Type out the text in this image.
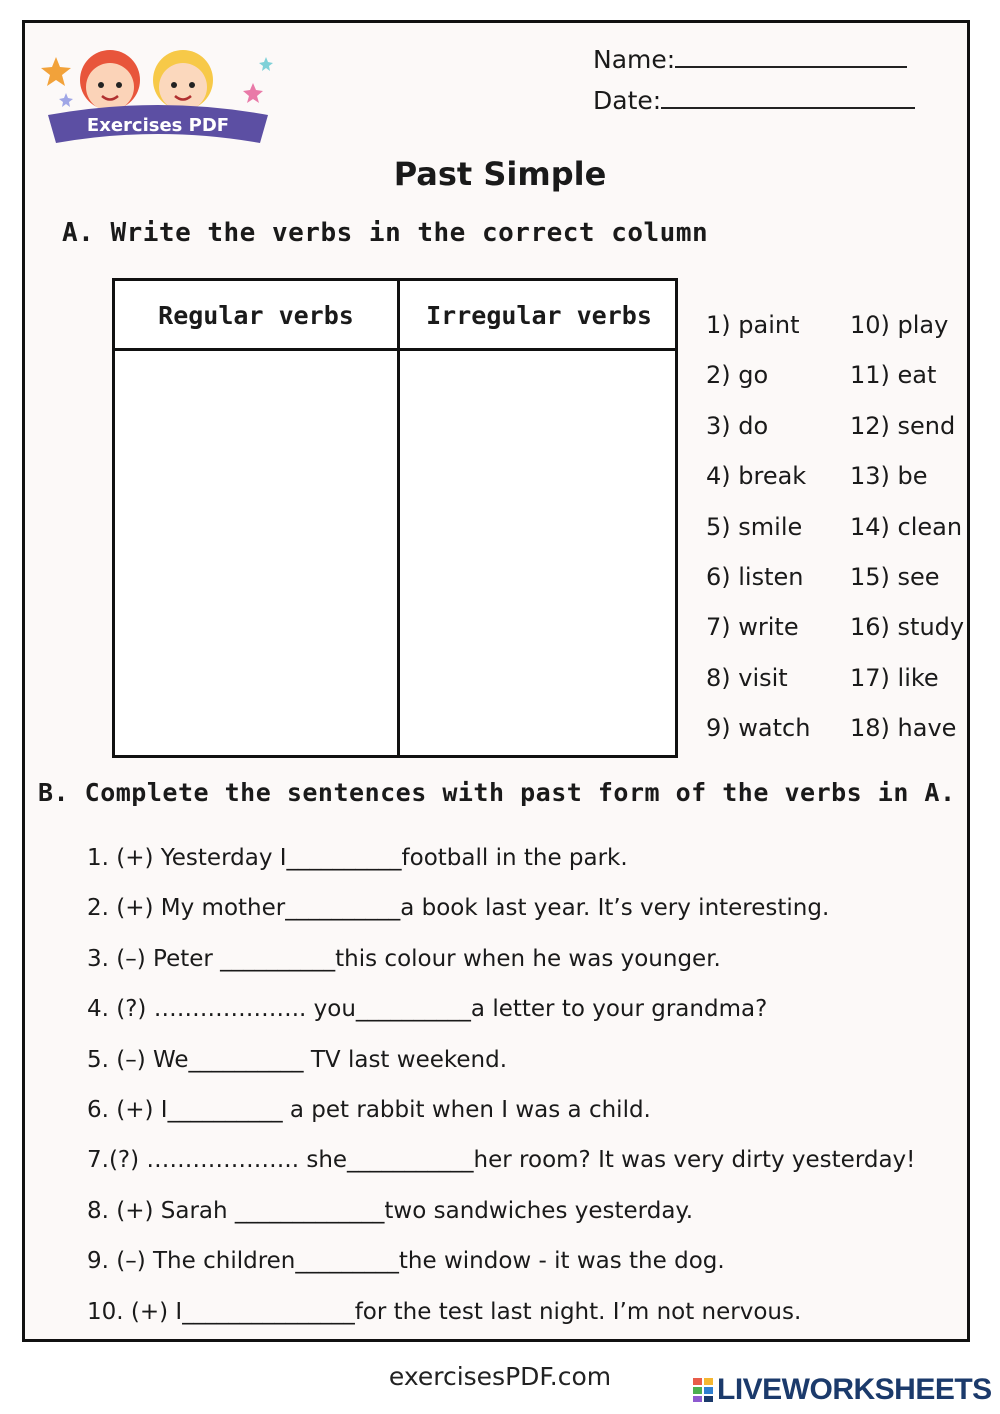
Exercises PDF
Name:
Date:
Past Simple
A. Write the verbs in the correct column
Regular verbs	Irregular verbs	1) paint
2) go
3) do
4) break
5) smile
6) listen
7) write
8) visit
9) watch
10) play
11) eat
12) send
13) be
14) clean
15) see
16) study
17) like
18) have
B. Complete the sentences with past form of the verbs in A.
1. (+) Yesterday I__________football in the park.
2. (+) My mother__________a book last year. It’s very interesting.
3. (–) Peter __________this colour when he was younger.
4. (?) ……………….. you__________a letter to your grandma?
5. (–) We__________ TV last weekend.
6. (+) I__________ a pet rabbit when I was a child.
7.(?) ……………….. she___________her room? It was very dirty yesterday!
8. (+) Sarah _____________two sandwiches yesterday.
9. (–) The children_________the window - it was the dog.
10. (+) I_______________for the test last night. I’m not nervous.
exercisesPDF.com	LIVEWORKSHEETS
